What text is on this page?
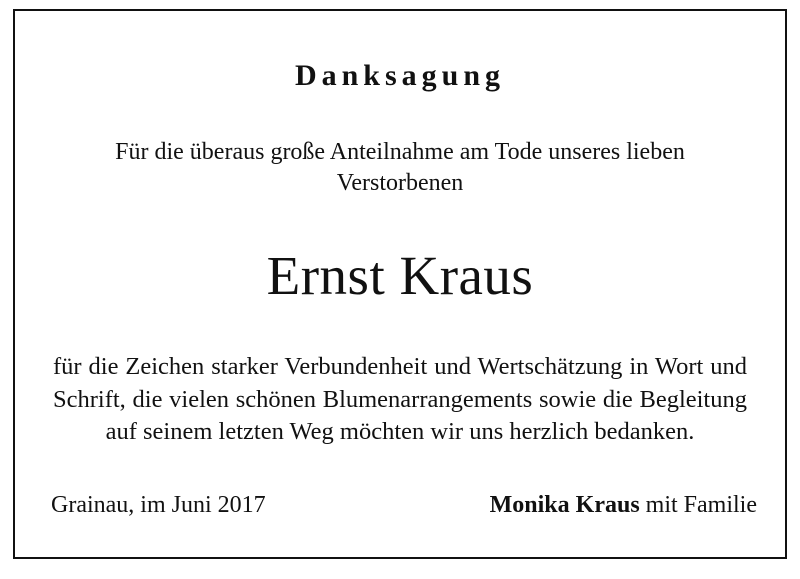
Danksagung
Für die überaus große Anteilnahme am Tode unseres lieben Verstorbenen
Ernst Kraus
für die Zeichen starker Verbundenheit und Wertschätzung in Wort und Schrift, die vielen schönen Blumenarrangements sowie die Begleitung auf seinem letzten Weg möchten wir uns herzlich bedanken.
Grainau, im Juni 2017	Monika Kraus mit Familie
